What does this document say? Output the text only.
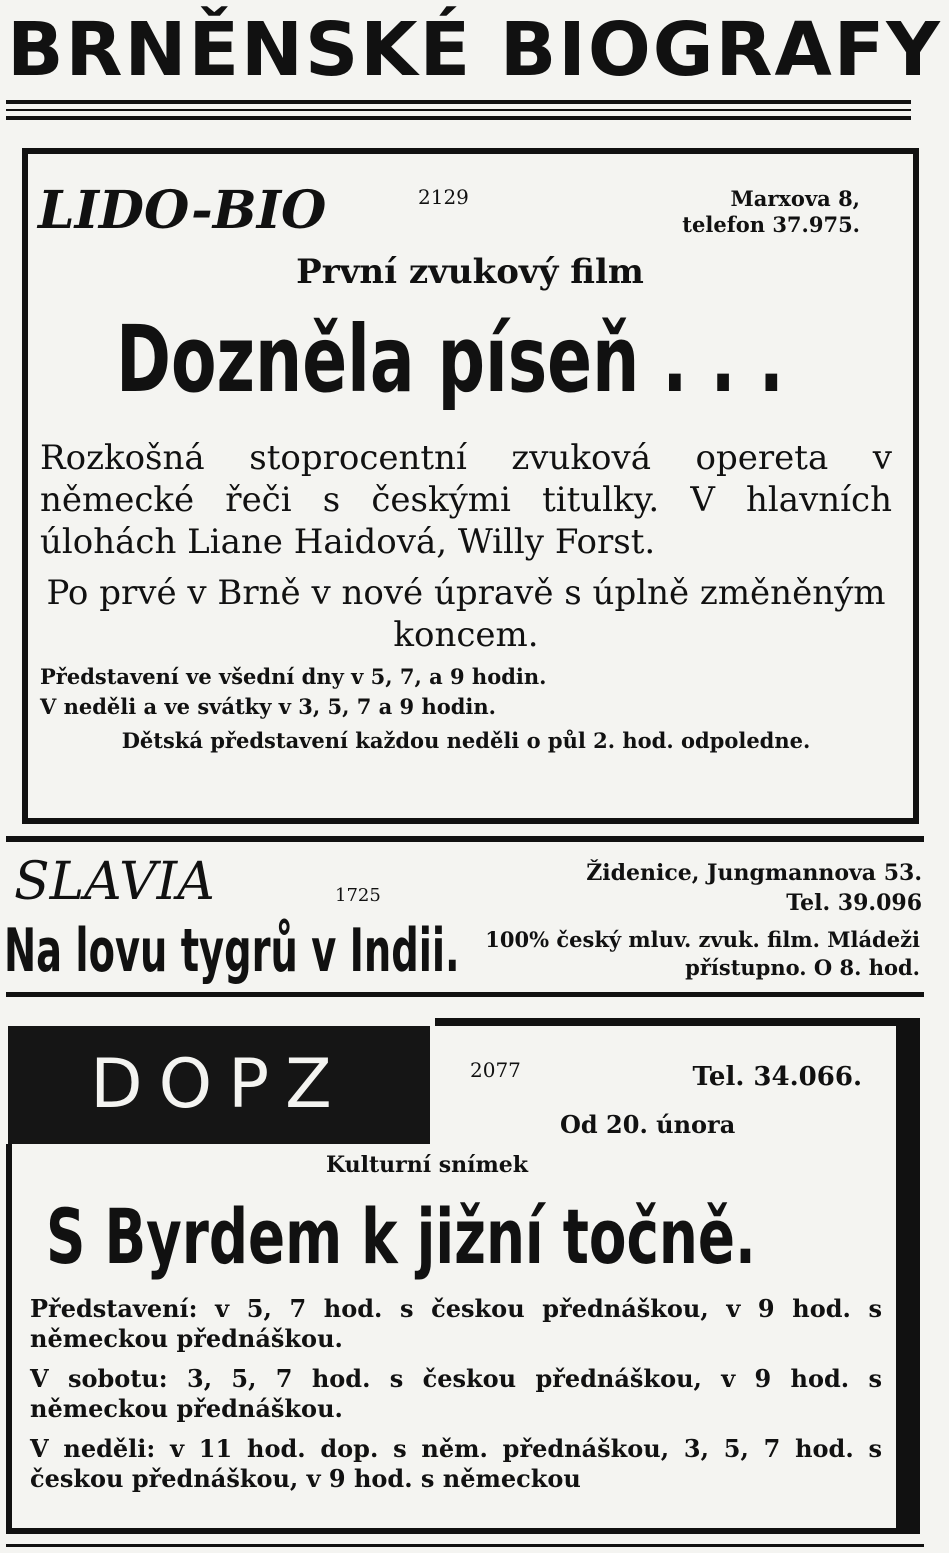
BRNĚNSKÉ BIOGRAFY
LIDO-BIO	2129	Marxova 8,
telefon 37.975.
První zvukový film
Dozněla píseň . . .
Rozkošná stoprocentní zvuková opereta v německé řeči s českými titulky. V hlavních úlohách Liane Haidová, Willy Forst.
Po prvé v Brně v nové úpravě s úplně změněným koncem.
Představení ve všední dny v 5, 7, a 9 hodin.
V neděli a ve svátky v 3, 5, 7 a 9 hodin.
Dětská představení každou neděli o půl 2. hod. odpoledne.
SLAVIA	1725
Židenice, Jungmannova 53. Tel. 39.096
Na lovu tygrů v Indii. 100% český mluv. zvuk. film. Mládeži přístupno. O 8. hod.
DOPZ	2077	Tel. 34.066.
Od 20. února
Kulturní snímek
S Byrdem k jižní točně.
Představení: v 5, 7 hod. s českou přednáškou, v 9 hod. s německou přednáškou.
V sobotu: 3, 5, 7 hod. s českou přednáškou, v 9 hod. s německou přednáškou.
V neděli: v 11 hod. dop. s něm. přednáškou, 3, 5, 7 hod. s českou přednáškou, v 9 hod. s německou
